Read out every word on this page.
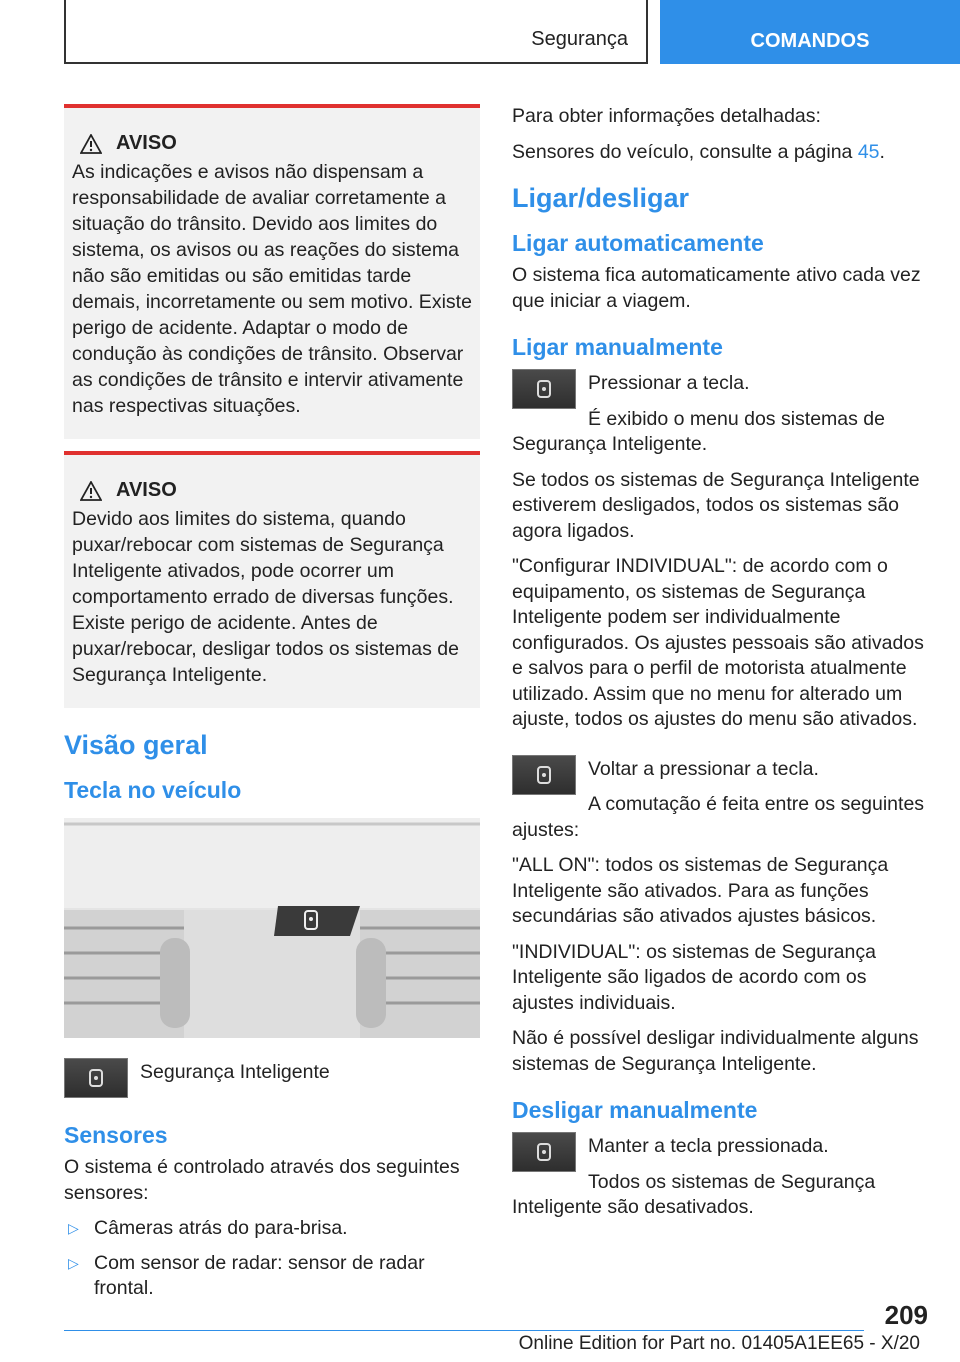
Segurança	COMANDOS
AVISO
As indicações e avisos não dispensam a responsabilidade de avaliar corretamente a situação do trânsito. Devido aos limites do sistema, os avisos ou as reações do sistema não são emitidas ou são emitidas tarde demais, incorretamente ou sem motivo. Existe perigo de acidente. Adaptar o modo de condução às condições de trânsito. Observar as condições de trânsito e intervir ativamente nas respectivas situações.
AVISO
Devido aos limites do sistema, quando puxar/rebocar com sistemas de Segurança Inteligente ativados, pode ocorrer um comportamento errado de diversas funções. Existe perigo de acidente. Antes de puxar/rebocar, desligar todos os sistemas de Segurança Inteligente.
Visão geral
Tecla no veículo
Segurança Inteligente
Sensores

O sistema é controlado através dos seguintes sensores:

▷ Câmeras atrás do para-brisa.
▷ Com sensor de radar: sensor de radar frontal.

Para obter informações detalhadas:

Sensores do veículo, consulte a página 45.

Ligar/desligar
Ligar automaticamente

O sistema fica automaticamente ativo cada vez que iniciar a viagem.

Ligar manualmente

Pressionar a tecla.

É exibido o menu dos sistemas de Segurança Inteligente.

Se todos os sistemas de Segurança Inteligente estiverem desligados, todos os sistemas são agora ligados.

"Configurar INDIVIDUAL": de acordo com o equipamento, os sistemas de Segurança Inteligente podem ser individualmente configurados. Os ajustes pessoais são ativados e salvos para o perfil de motorista atualmente utilizado. Assim que no menu for alterado um ajuste, todos os ajustes do menu são ativados.

Voltar a pressionar a tecla.

A comutação é feita entre os seguintes ajustes:

"ALL ON": todos os sistemas de Segurança Inteligente são ativados. Para as funções secundárias são ativados ajustes básicos.

"INDIVIDUAL": os sistemas de Segurança Inteligente são ligados de acordo com os ajustes individuais.

Não é possível desligar individualmente alguns sistemas de Segurança Inteligente.

Desligar manualmente

Manter a tecla pressionada.

Todos os sistemas de Segurança Inteligente são desativados.

209
Online Edition for Part no. 01405A1EE65 - X/20
